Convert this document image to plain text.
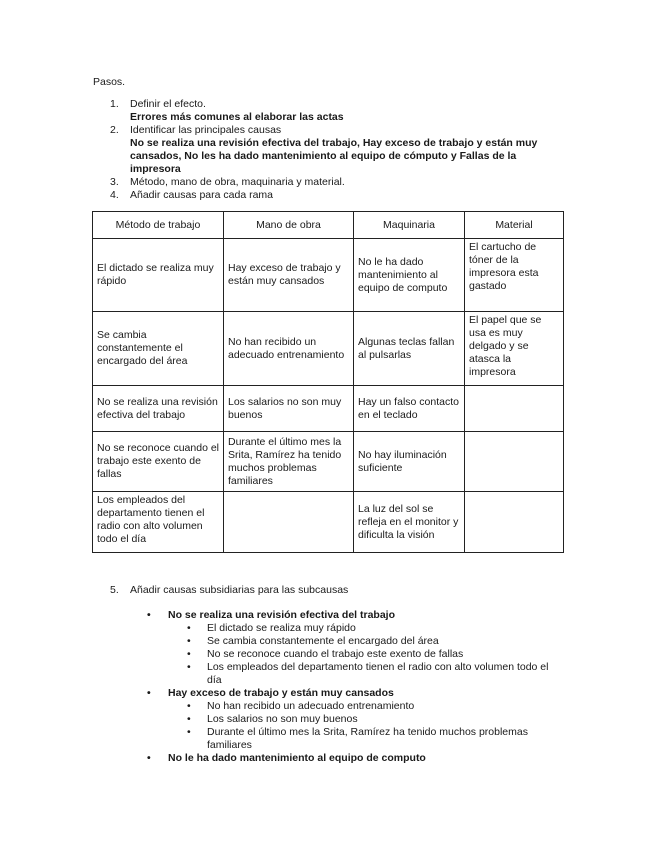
Pasos.
1.	Definir el efecto.
Errores más comunes al elaborar las actas
2.	Identificar las principales causas
No se realiza una revisión efectiva del trabajo, Hay exceso de trabajo y están muy cansados, No les ha dado mantenimiento al equipo de cómputo y Fallas de la impresora
3.	Método, mano de obra, maquinaria y material.
4.	Añadir causas para cada rama
Método de trabajo	Mano de obra	Maquinaria	Material
El dictado se realiza muy rápido	Hay exceso de trabajo y están muy cansados	No le ha dado mantenimiento al equipo de computo	El cartucho de tóner de la impresora esta gastado
Se cambia constantemente el encargado del área	No han recibido un adecuado entrenamiento	Algunas teclas fallan al pulsarlas	El papel que se usa es muy delgado y se atasca la impresora
No se realiza una revisión efectiva del trabajo	Los salarios no son muy buenos	Hay un falso contacto en el teclado	
No se reconoce cuando el trabajo este exento de fallas	Durante el último mes la Srita, Ramírez ha tenido muchos problemas familiares	No hay iluminación suficiente	
Los empleados del departamento tienen el radio con alto volumen todo el día		La luz del sol se refleja en el monitor y dificulta la visión	
5.	Añadir causas subsidiarias para las subcausas
• No se realiza una revisión efectiva del trabajo
• El dictado se realiza muy rápido
• Se cambia constantemente el encargado del área
• No se reconoce cuando el trabajo este exento de fallas
• Los empleados del departamento tienen el radio con alto volumen todo el día
• Hay exceso de trabajo y están muy cansados
• No han recibido un adecuado entrenamiento
• Los salarios no son muy buenos
• Durante el último mes la Srita, Ramírez ha tenido muchos problemas familiares
• No le ha dado mantenimiento al equipo de computo
